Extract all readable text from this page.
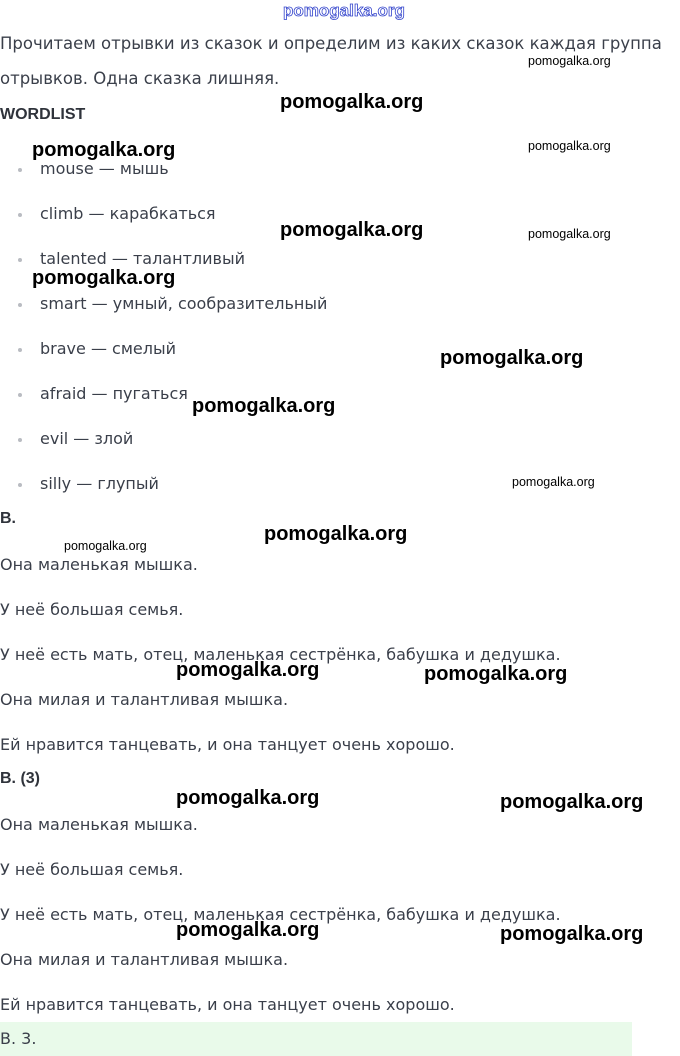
pomogalka.org
Прочитаем отрывки из сказок и определим из каких сказок каждая группа
отрывков. Одна сказка лишняя.
WORDLIST
mouse — мышь
climb — карабкаться
talented — талантливый
smart — умный, сообразительный
brave — смелый
afraid — пугаться
evil — злой
silly — глупый
B.
Она маленькая мышка.
У неё большая семья.
У неё есть мать, отец, маленькая сестрёнка, бабушка и дедушка.
Она милая и талантливая мышка.
Ей нравится танцевать, и она танцует очень хорошо.
B. (3)
Она маленькая мышка.
У неё большая семья.
У неё есть мать, отец, маленькая сестрёнка, бабушка и дедушка.
Она милая и талантливая мышка.
Ей нравится танцевать, и она танцует очень хорошо.
B. 3.
pomogalka.org
pomogalka.org
pomogalka.org	pomogalka.org
pomogalka.org	pomogalka.org
pomogalka.org
pomogalka.org
pomogalka.org
pomogalka.org
pomogalka.org
pomogalka.org
pomogalka.org	pomogalka.org
pomogalka.org	pomogalka.org
pomogalka.org	pomogalka.org
